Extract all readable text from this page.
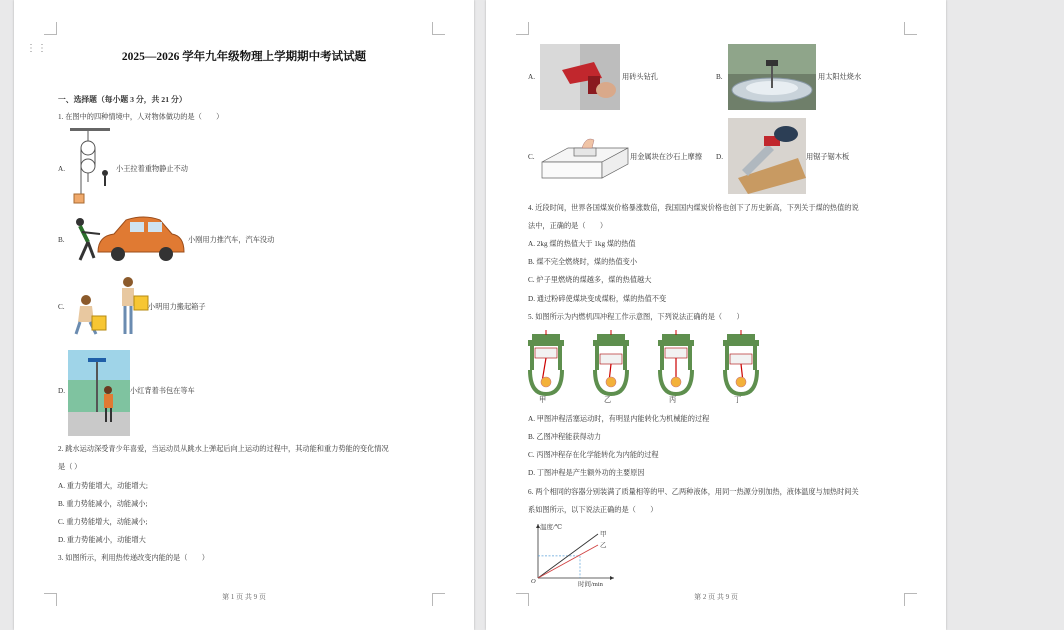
⋮⋮
2025—2026 学年九年级物理上学期期中考试试题
一、选择题（每小题 3 分，共 21 分）
1. 在图中的四种情境中，人对物体做功的是（　　）
A.	小王拉着重物静止不动
B.	小刚用力推汽车，汽车没动
C.	小明用力搬起箱子
D.	小红背着书包在等车
2. 跳水运动深受青少年喜爱，当运动员从跳水上弹起后向上运动的过程中，其动能和重力势能的变化情况
是（ ）
A. 重力势能增大，动能增大;
B. 重力势能减小，动能减小;
C. 重力势能增大，动能减小;
D. 重力势能减小，动能增大
3. 如图所示，利用热传递改变内能的是（　　）
第 1 页 共 9 页
A.	用砖头钻孔	B.	用太阳灶烧水
C.	用金属块在沙石上摩擦 D.	用锯子锯木板
4. 近段时间，世界各国煤炭价格暴涨数倍，我国国内煤炭价格也创下了历史新高，下列关于煤的热值的说
法中，正确的是（　　）
A. 2kg 煤的热值大于 1kg 煤的热值
B. 煤不完全燃烧时，煤的热值变小
C. 炉子里燃烧的煤越多，煤的热值越大
D. 通过粉碎使煤块变成煤粉，煤的热值不变
5. 如图所示为内燃机四冲程工作示意图，下列说法正确的是（　　）
甲	乙	丙	丁
A. 甲图冲程活塞运动时，有明显内能转化为机械能的过程
B. 乙图冲程能获得动力
C. 丙图冲程存在化学能转化为内能的过程
D. 丁图冲程是产生额外功的主要原因
6. 两个相同的容器分别装满了质量相等的甲、乙两种液体，用同一热源分别加热，液体温度与加热时间关
系如图所示，以下说法正确的是（　　）
甲
乙
温度/℃
时间/min
O
第 2 页 共 9 页
